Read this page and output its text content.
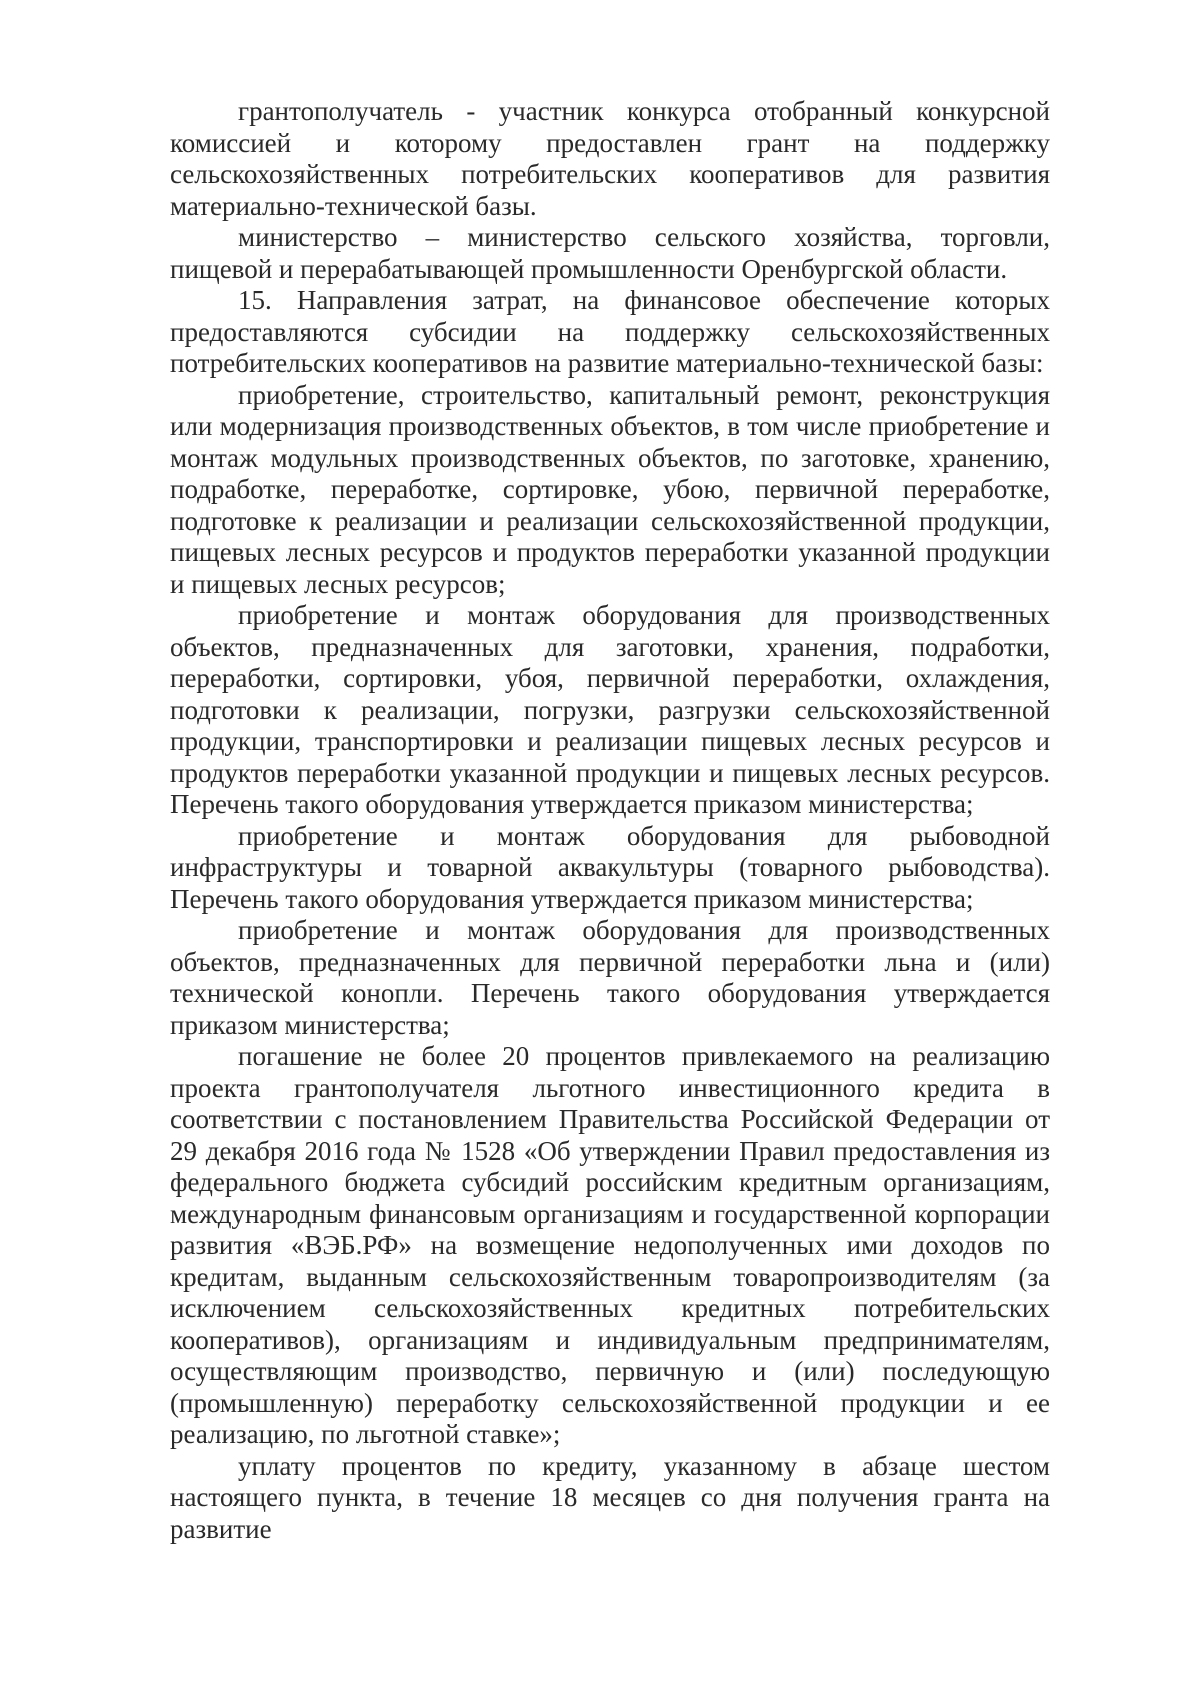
грантополучатель - участник конкурса отобранный конкурсной комиссией и которому предоставлен грант на поддержку сельскохозяйственных потребительских кооперативов для развития материально-технической базы.

министерство – министерство сельского хозяйства, торговли, пищевой и перерабатывающей промышленности Оренбургской области.

15. Направления затрат, на финансовое обеспечение которых предоставляются субсидии на поддержку сельскохозяйственных потребительских кооперативов на развитие материально-технической базы:

приобретение, строительство, капитальный ремонт, реконструкция или модернизация производственных объектов, в том числе приобретение и монтаж модульных производственных объектов, по заготовке, хранению, подработке, переработке, сортировке, убою, первичной переработке, подготовке к реализации и реализации сельскохозяйственной продукции, пищевых лесных ресурсов и продуктов переработки указанной продукции и пищевых лесных ресурсов;

приобретение и монтаж оборудования для производственных объектов, предназначенных для заготовки, хранения, подработки, переработки, сортировки, убоя, первичной переработки, охлаждения, подготовки к реализации, погрузки, разгрузки сельскохозяйственной продукции, транспортировки и реализации пищевых лесных ресурсов и продуктов переработки указанной продукции и пищевых лесных ресурсов. Перечень такого оборудования утверждается приказом министерства;

приобретение и монтаж оборудования для рыбоводной инфраструктуры и товарной аквакультуры (товарного рыбоводства). Перечень такого оборудования утверждается приказом министерства;

приобретение и монтаж оборудования для производственных объектов, предназначенных для первичной переработки льна и (или) технической конопли. Перечень такого оборудования утверждается приказом министерства;

погашение не более 20 процентов привлекаемого на реализацию проекта грантополучателя льготного инвестиционного кредита в соответствии с постановлением Правительства Российской Федерации от 29 декабря 2016 года № 1528 «Об утверждении Правил предоставления из федерального бюджета субсидий российским кредитным организациям, международным финансовым организациям и государственной корпорации развития «ВЭБ.РФ» на возмещение недополученных ими доходов по кредитам, выданным сельскохозяйственным товаропроизводителям (за исключением сельскохозяйственных кредитных потребительских кооперативов), организациям и индивидуальным предпринимателям, осуществляющим производство, первичную и (или) последующую (промышленную) переработку сельскохозяйственной продукции и ее реализацию, по льготной ставке»;

уплату процентов по кредиту, указанному в абзаце шестом настоящего пункта, в течение 18 месяцев со дня получения гранта на развитие
